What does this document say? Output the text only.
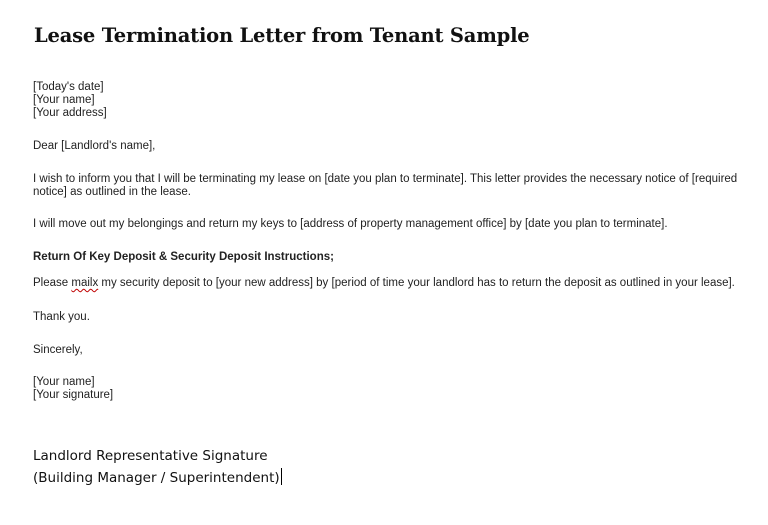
Lease Termination Letter from Tenant Sample
[Today's date]
[Your name]
[Your address]
Dear [Landlord's name],
I wish to inform you that I will be terminating my lease on [date you plan to terminate]. This letter provides the necessary notice of [required
notice] as outlined in the lease.
I will move out my belongings and return my keys to [address of property management office] by [date you plan to terminate].
Return Of Key Deposit & Security Deposit Instructions;
Please mailx my security deposit to [your new address] by [period of time your landlord has to return the deposit as outlined in your lease].
Thank you.
Sincerely,
[Your name]
[Your signature]
Landlord Representative Signature
(Building Manager / Superintendent)
